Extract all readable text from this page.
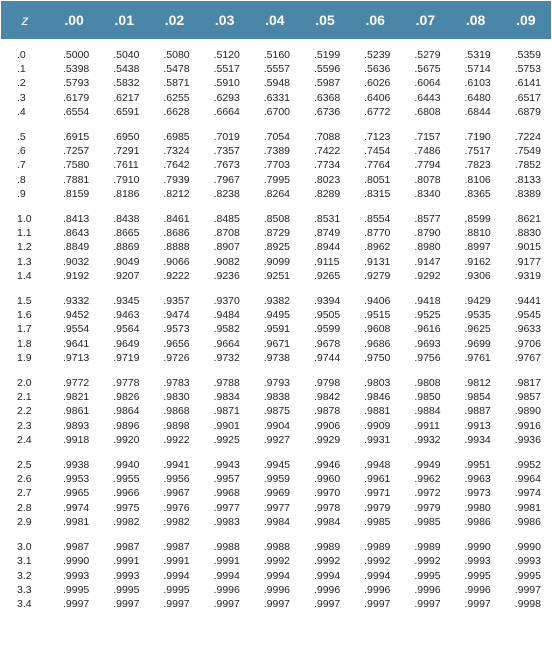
z	.00	.01	.02	.03	.04	.05	.06	.07	.08	.09

.0	.5000	.5040	.5080	.5120	.5160	.5199	.5239	.5279	.5319	.5359
.1	.5398	.5438	.5478	.5517	.5557	.5596	.5636	.5675	.5714	.5753
.2	.5793	.5832	.5871	.5910	.5948	.5987	.6026	.6064	.6103	.6141
.3	.6179	.6217	.6255	.6293	.6331	.6368	.6406	.6443	.6480	.6517
.4	.6554	.6591	.6628	.6664	.6700	.6736	.6772	.6808	.6844	.6879

.5	.6915	.6950	.6985	.7019	.7054	.7088	.7123	.7157	.7190	.7224
.6	.7257	.7291	.7324	.7357	.7389	.7422	.7454	.7486	.7517	.7549
.7	.7580	.7611	.7642	.7673	.7703	.7734	.7764	.7794	.7823	.7852
.8	.7881	.7910	.7939	.7967	.7995	.8023	.8051	.8078	.8106	.8133
.9	.8159	.8186	.8212	.8238	.8264	.8289	.8315	.8340	.8365	.8389

1.0	.8413	.8438	.8461	.8485	.8508	.8531	.8554	.8577	.8599	.8621
1.1	.8643	.8665	.8686	.8708	.8729	.8749	.8770	.8790	.8810	.8830
1.2	.8849	.8869	.8888	.8907	.8925	.8944	.8962	.8980	.8997	.9015
1.3	.9032	.9049	.9066	.9082	.9099	.9115	.9131	.9147	.9162	.9177
1.4	.9192	.9207	.9222	.9236	.9251	.9265	.9279	.9292	.9306	.9319

1.5	.9332	.9345	.9357	.9370	.9382	.9394	.9406	.9418	.9429	.9441
1.6	.9452	.9463	.9474	.9484	.9495	.9505	.9515	.9525	.9535	.9545
1.7	.9554	.9564	.9573	.9582	.9591	.9599	.9608	.9616	.9625	.9633
1.8	.9641	.9649	.9656	.9664	.9671	.9678	.9686	.9693	.9699	.9706
1.9	.9713	.9719	.9726	.9732	.9738	.9744	.9750	.9756	.9761	.9767

2.0	.9772	.9778	.9783	.9788	.9793	.9798	.9803	.9808	.9812	.9817
2.1	.9821	.9826	.9830	.9834	.9838	.9842	.9846	.9850	.9854	.9857
2.2	.9861	.9864	.9868	.9871	.9875	.9878	.9881	.9884	.9887	.9890
2.3	.9893	.9896	.9898	.9901	.9904	.9906	.9909	.9911	.9913	.9916
2.4	.9918	.9920	.9922	.9925	.9927	.9929	.9931	.9932	.9934	.9936

2.5	.9938	.9940	.9941	.9943	.9945	.9946	.9948	.9949	.9951	.9952
2.6	.9953	.9955	.9956	.9957	.9959	.9960	.9961	.9962	.9963	.9964
2.7	.9965	.9966	.9967	.9968	.9969	.9970	.9971	.9972	.9973	.9974
2.8	.9974	.9975	.9976	.9977	.9977	.9978	.9979	.9979	.9980	.9981
2.9	.9981	.9982	.9982	.9983	.9984	.9984	.9985	.9985	.9986	.9986

3.0	.9987	.9987	.9987	.9988	.9988	.9989	.9989	.9989	.9990	.9990
3.1	.9990	.9991	.9991	.9991	.9992	.9992	.9992	.9992	.9993	.9993
3.2	.9993	.9993	.9994	.9994	.9994	.9994	.9994	.9995	.9995	.9995
3.3	.9995	.9995	.9995	.9996	.9996	.9996	.9996	.9996	.9996	.9997
3.4	.9997	.9997	.9997	.9997	.9997	.9997	.9997	.9997	.9997	.9998
